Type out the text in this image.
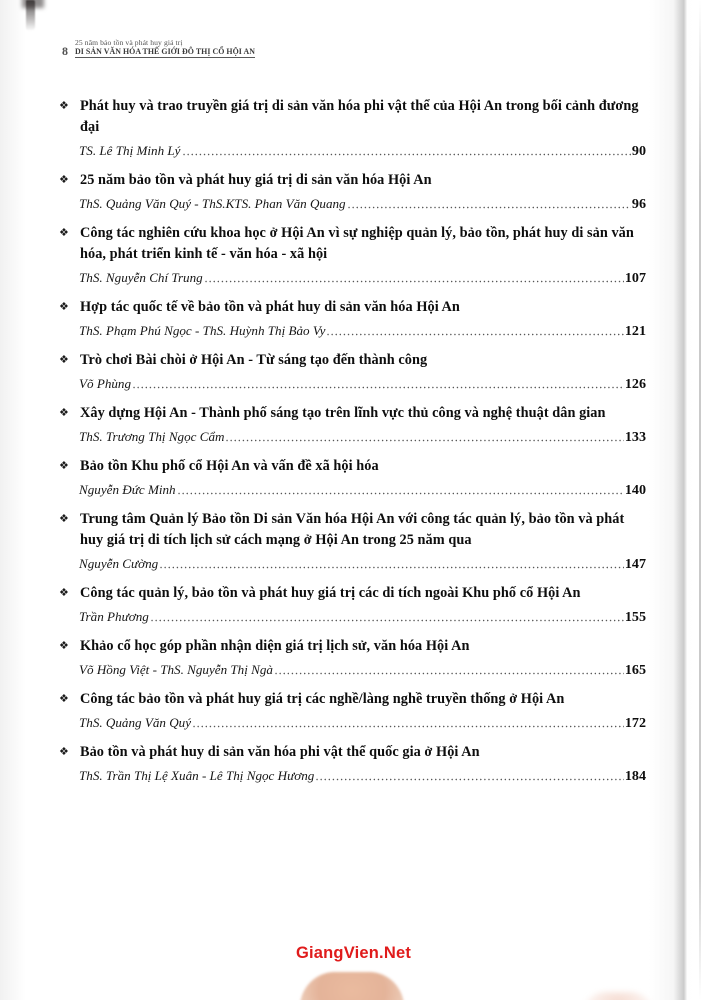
8
25 năm bảo tồn và phát huy giá trị
DI SẢN VĂN HÓA THẾ GIỚI ĐÔ THỊ CỔ HỘI AN
❖ Phát huy và trao truyền giá trị di sản văn hóa phi vật thể của Hội An trong bối cảnh đương đại
TS. Lê Thị Minh Lý	90
❖ 25 năm bảo tồn và phát huy giá trị di sản văn hóa Hội An
ThS. Quảng Văn Quý - ThS.KTS. Phan Văn Quang	96
❖ Công tác nghiên cứu khoa học ở Hội An vì sự nghiệp quản lý, bảo tồn, phát huy di sản văn hóa, phát triển kinh tế - văn hóa - xã hội
ThS. Nguyễn Chí Trung	107
❖ Hợp tác quốc tế về bảo tồn và phát huy di sản văn hóa Hội An
ThS. Phạm Phú Ngọc - ThS. Huỳnh Thị Bảo Vy	121
❖ Trò chơi Bài chòi ở Hội An - Từ sáng tạo đến thành công
Võ Phùng	126
❖ Xây dựng Hội An - Thành phố sáng tạo trên lĩnh vực thủ công và nghệ thuật dân gian
ThS. Trương Thị Ngọc Cẩm	133
❖ Bảo tồn Khu phố cổ Hội An và vấn đề xã hội hóa
Nguyễn Đức Minh	140
❖ Trung tâm Quản lý Bảo tồn Di sản Văn hóa Hội An với công tác quản lý, bảo tồn và phát huy giá trị di tích lịch sử cách mạng ở Hội An trong 25 năm qua
Nguyễn Cường	147
❖ Công tác quản lý, bảo tồn và phát huy giá trị các di tích ngoài Khu phố cổ Hội An
Trần Phương	155
❖ Khảo cổ học góp phần nhận diện giá trị lịch sử, văn hóa Hội An
Võ Hồng Việt - ThS. Nguyễn Thị Ngà	165
❖ Công tác bảo tồn và phát huy giá trị các nghề/làng nghề truyền thống ở Hội An
ThS. Quảng Văn Quý	172
❖ Bảo tồn và phát huy di sản văn hóa phi vật thể quốc gia ở Hội An
ThS. Trần Thị Lệ Xuân - Lê Thị Ngọc Hương	184
GiangVien.Net
